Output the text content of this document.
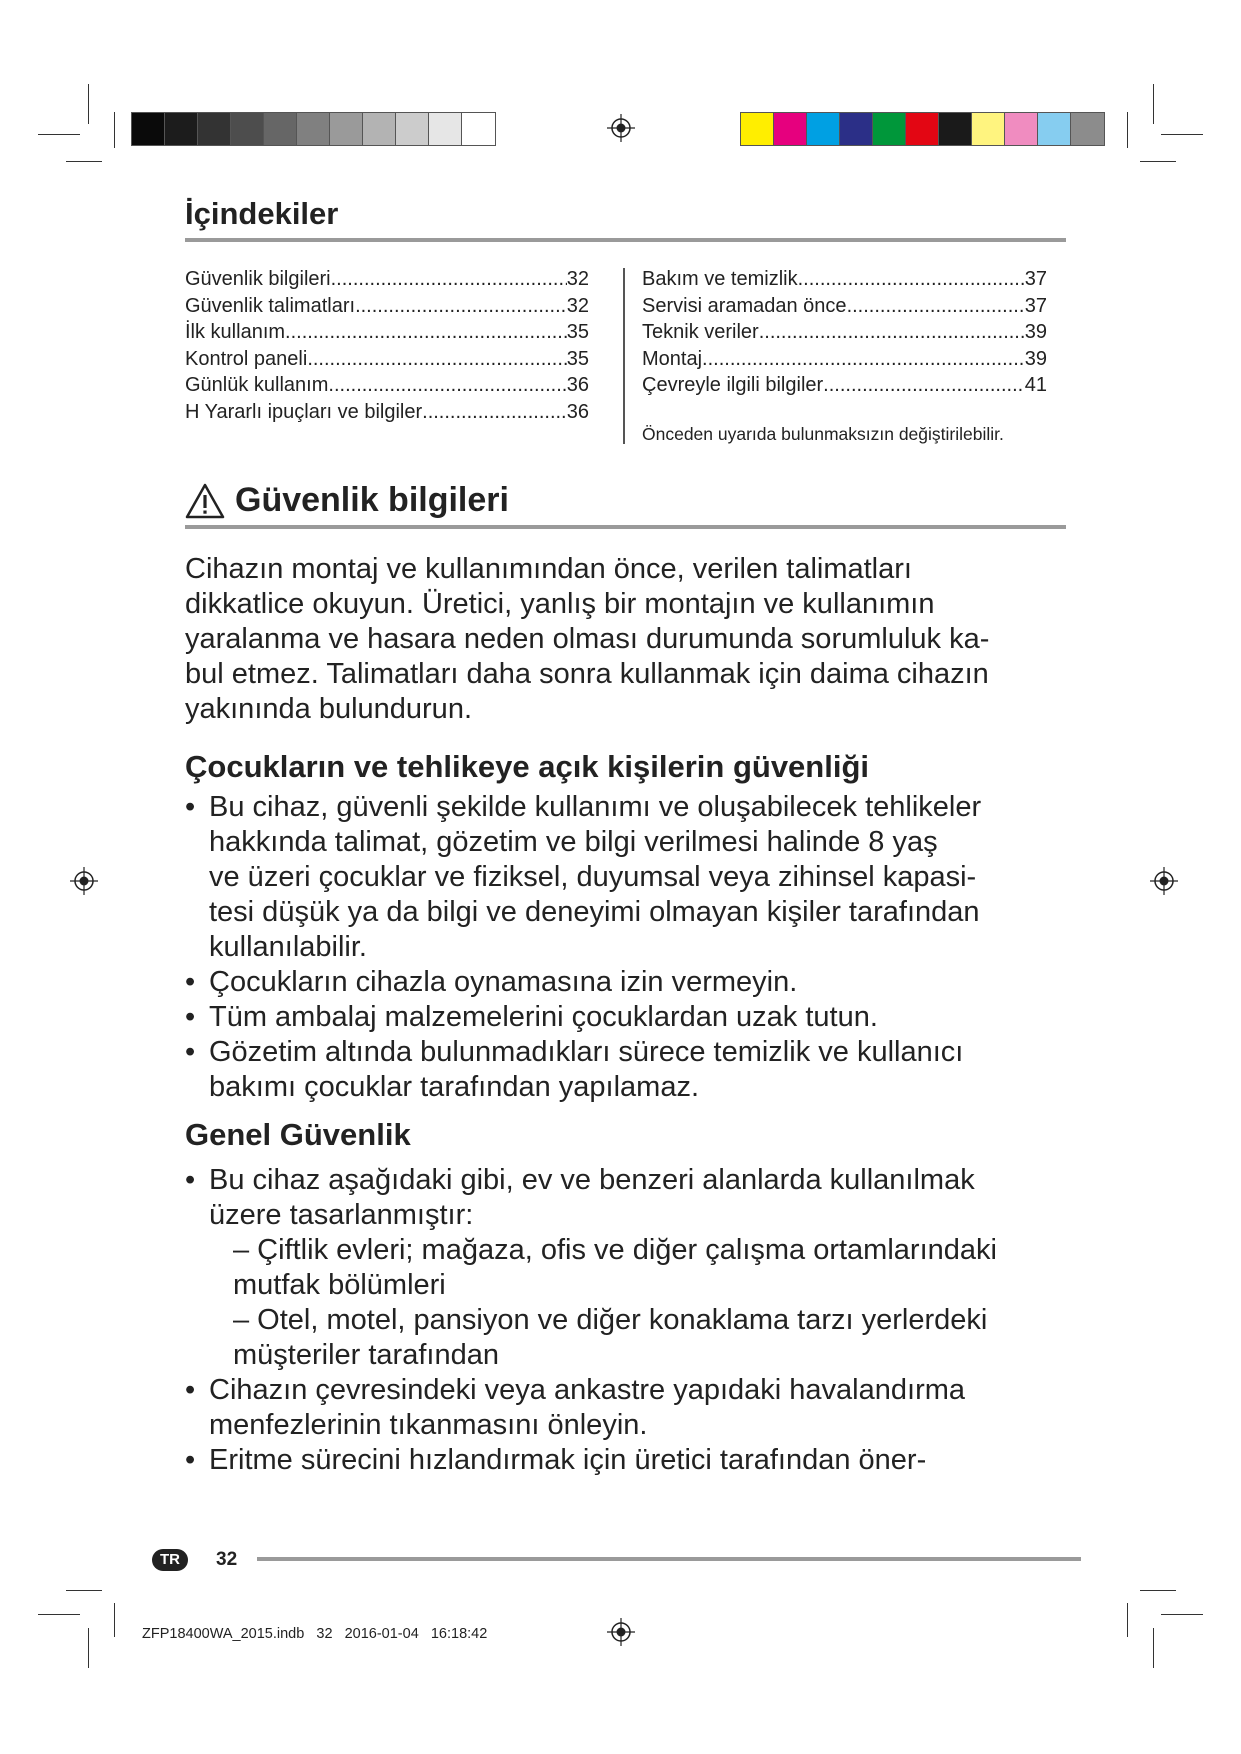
İçindekiler
Güvenlik bilgileri .....	32
Güvenlik talimatları .....	32
İlk kullanım .....	35
Kontrol paneli .....	35
Günlük kullanım .....	36
H Yararlı ipuçları ve bilgiler .....	36
Bakım ve temizlik .....	37
Servisi aramadan önce .....	37
Teknik veriler .....	39
Montaj .....	39
Çevreyle ilgili bilgiler .....	41
Önceden uyarıda bulunmaksızın değiştirilebilir.
Güvenlik bilgileri
Cihazın montaj ve kullanımından önce, verilen talimatları
dikkatlice okuyun. Üretici, yanlış bir montajın ve kullanımın
yaralanma ve hasara neden olması durumunda sorumluluk ka-
bul etmez. Talimatları daha sonra kullanmak için daima cihazın
yakınında bulundurun.
Çocukların ve tehlikeye açık kişilerin güvenliği
• Bu cihaz, güvenli şekilde kullanımı ve oluşabilecek tehlikeler
hakkında talimat, gözetim ve bilgi verilmesi halinde 8 yaş
ve üzeri çocuklar ve fiziksel, duyumsal veya zihinsel kapasi-
tesi düşük ya da bilgi ve deneyimi olmayan kişiler tarafından
kullanılabilir.
• Çocukların cihazla oynamasına izin vermeyin.
• Tüm ambalaj malzemelerini çocuklardan uzak tutun.
• Gözetim altında bulunmadıkları sürece temizlik ve kullanıcı
bakımı çocuklar tarafından yapılamaz.
Genel Güvenlik
• Bu cihaz aşağıdaki gibi, ev ve benzeri alanlarda kullanılmak
üzere tasarlanmıştır:
– Çiftlik evleri; mağaza, ofis ve diğer çalışma ortamlarındaki
mutfak bölümleri
– Otel, motel, pansiyon ve diğer konaklama tarzı yerlerdeki
müşteriler tarafından
• Cihazın çevresindeki veya ankastre yapıdaki havalandırma
menfezlerinin tıkanmasını önleyin.
• Eritme sürecini hızlandırmak için üretici tarafından öner-
TR	32
ZFP18400WA_2015.indb   32   2016-01-04   16:18:42
